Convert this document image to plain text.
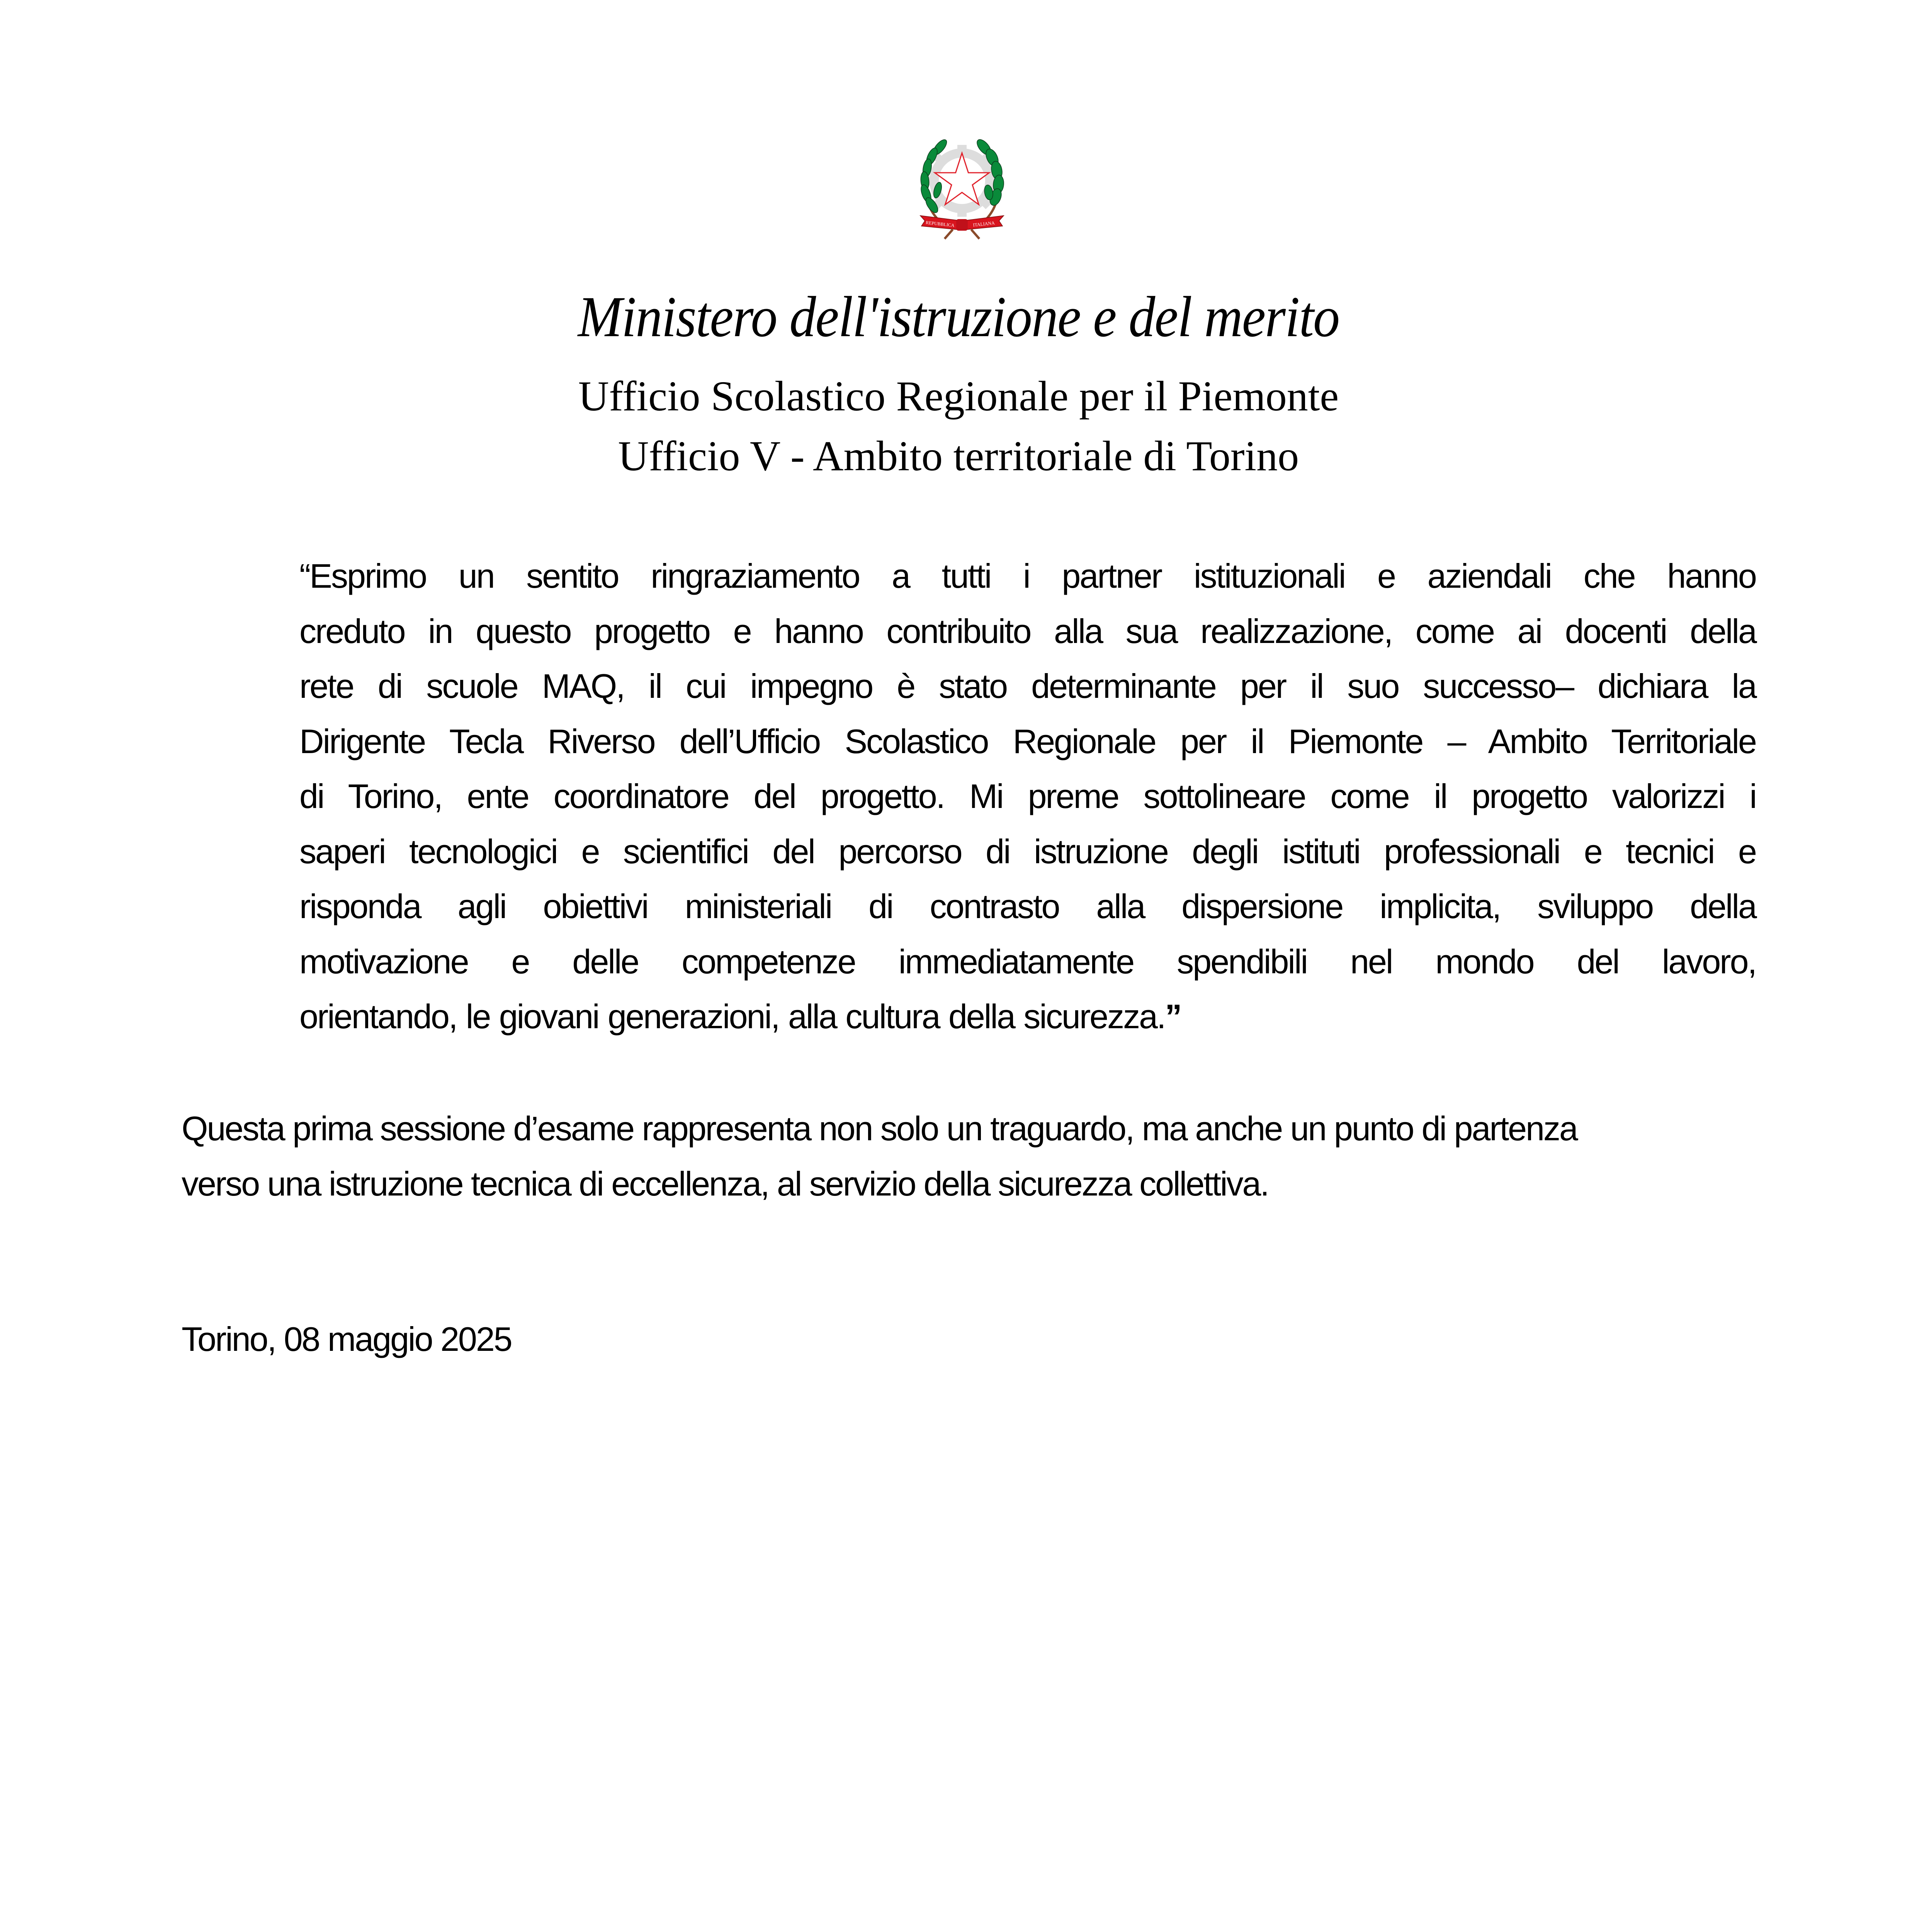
REPUBBLICA	ITALIANA
Ministero dell'istruzione e del merito
Ufficio Scolastico Regionale per il Piemonte
Ufficio V - Ambito territoriale di Torino
“Esprimo un sentito ringraziamento a tutti i partner istituzionali e aziendali che hanno
creduto in questo progetto e hanno contribuito alla sua realizzazione, come ai docenti della
rete di scuole MAQ, il cui impegno è stato determinante per il suo successo– dichiara la
Dirigente Tecla Riverso dell’Ufficio Scolastico Regionale per il Piemonte – Ambito Territoriale
di Torino, ente coordinatore del progetto. Mi preme sottolineare come il progetto valorizzi i
saperi tecnologici e scientifici del percorso di istruzione degli istituti professionali e tecnici e
risponda agli obiettivi ministeriali di contrasto alla dispersione implicita, sviluppo della
motivazione e delle competenze immediatamente spendibili nel mondo del lavoro,
orientando, le giovani generazioni, alla cultura della sicurezza.”
Questa prima sessione d’esame rappresenta non solo un traguardo, ma anche un punto di partenza
verso una istruzione tecnica di eccellenza, al servizio della sicurezza collettiva.
Torino, 08 maggio 2025
